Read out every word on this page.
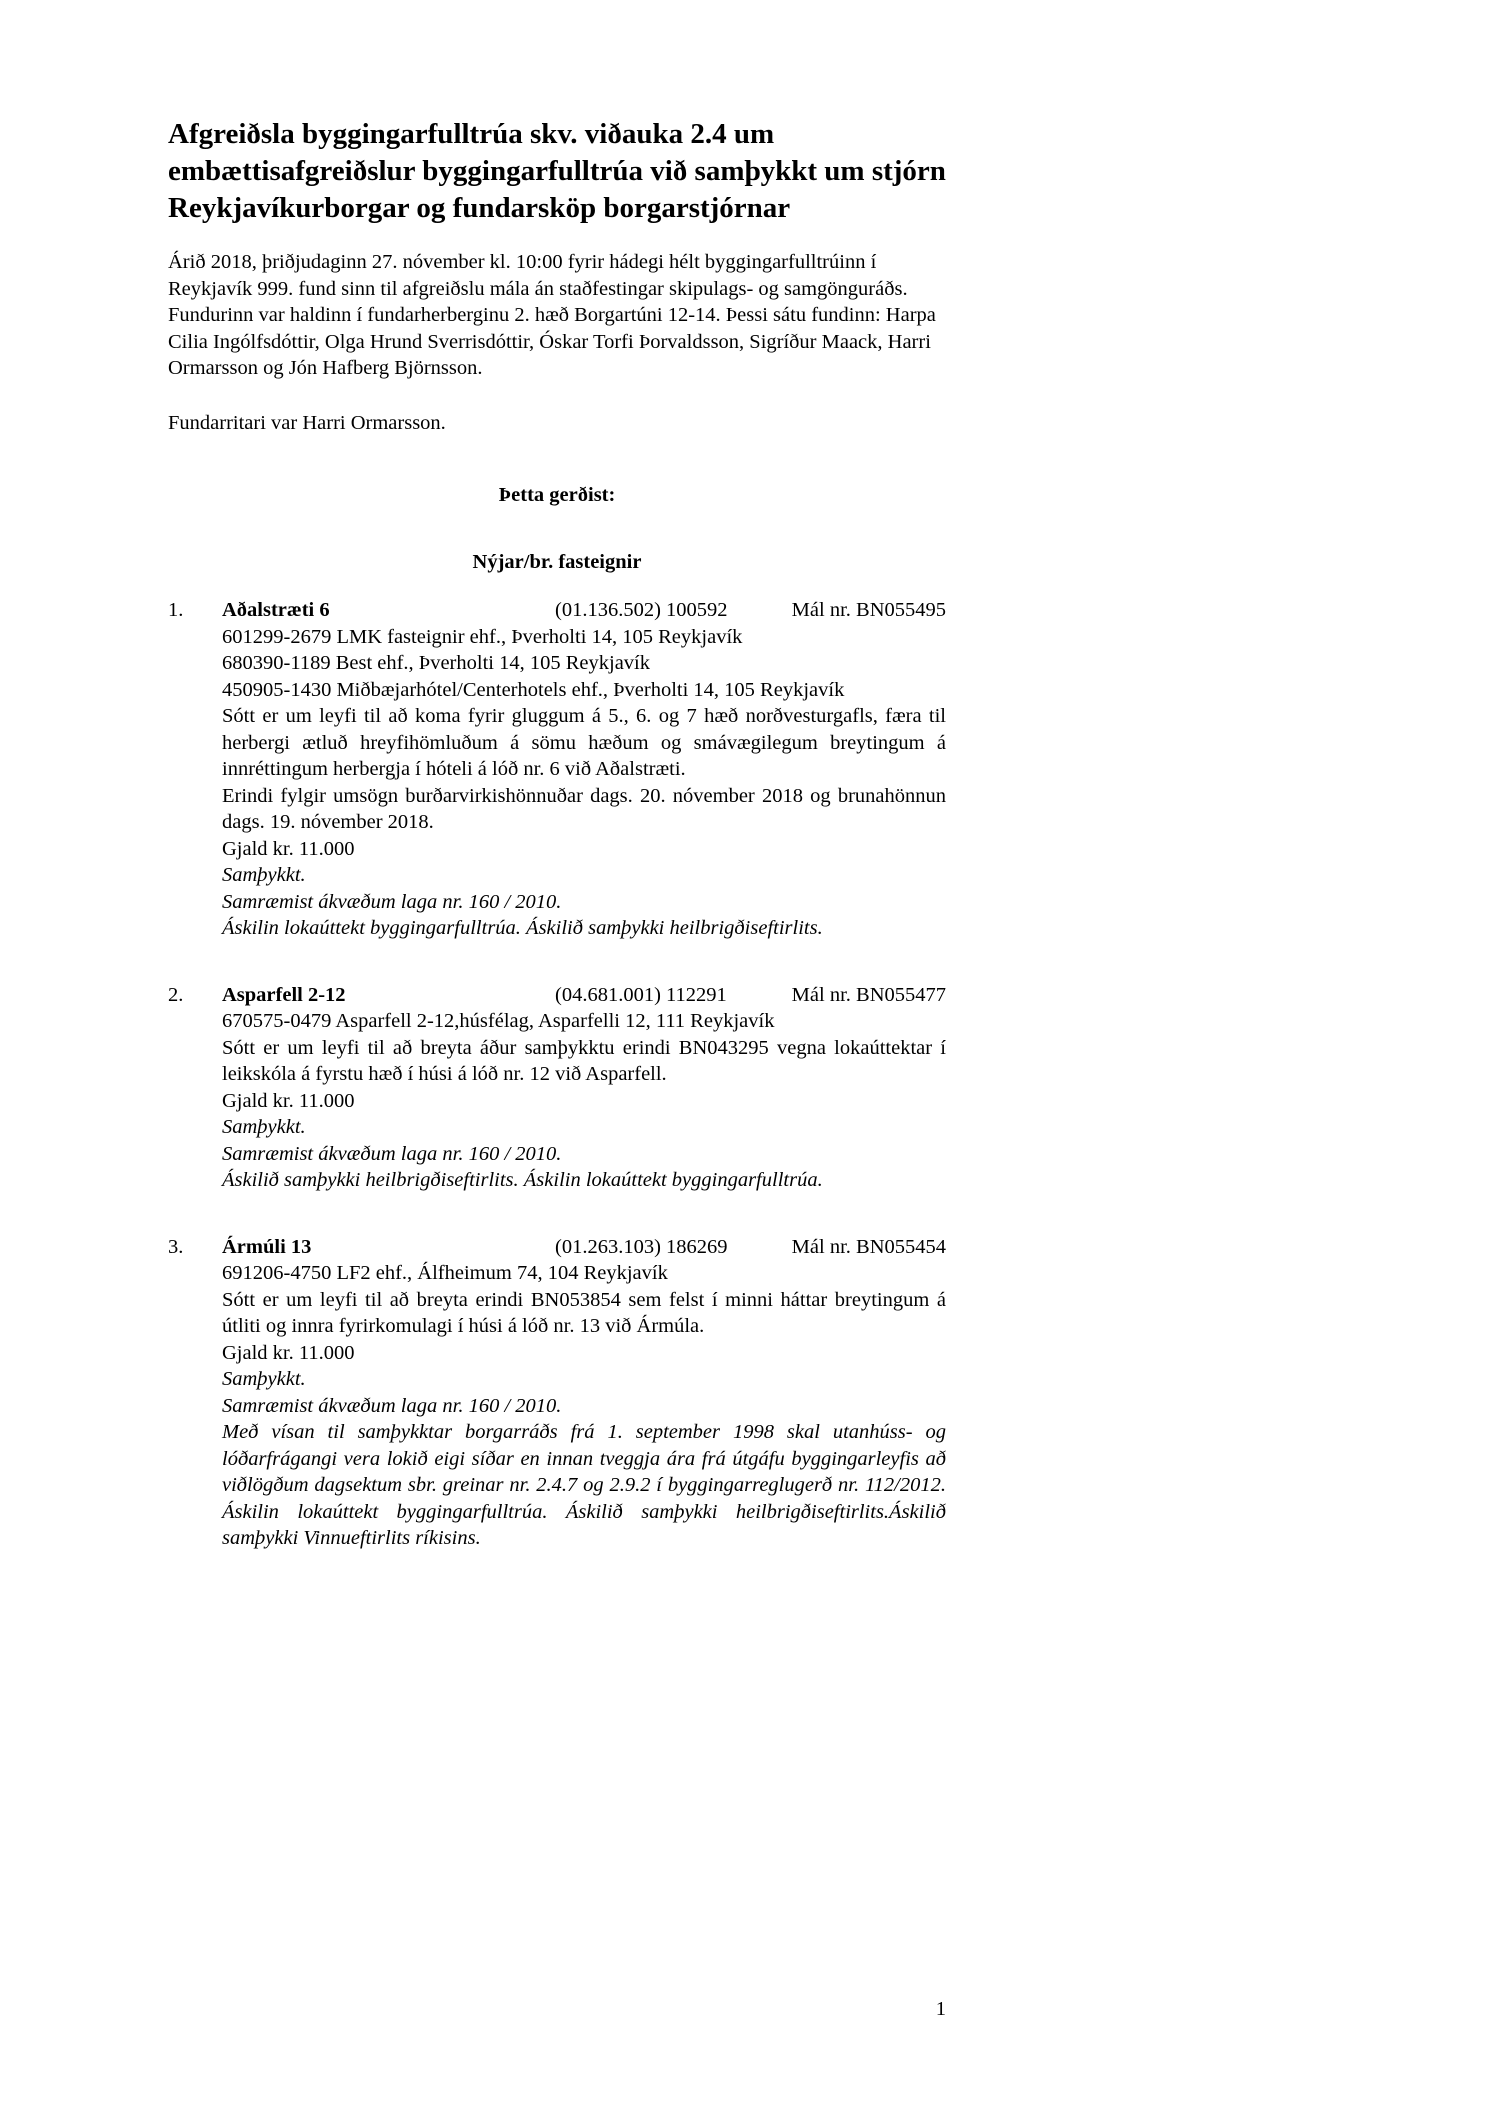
Afgreiðsla byggingarfulltrúa skv. viðauka 2.4 um embættisafgreiðslur byggingarfulltrúa við samþykkt um stjórn Reykjavíkurborgar og fundarsköp borgarstjórnar

Árið 2018, þriðjudaginn 27. nóvember kl. 10:00 fyrir hádegi hélt byggingarfulltrúinn í Reykjavík 999. fund sinn til afgreiðslu mála án staðfestingar skipulags- og samgönguráðs. Fundurinn var haldinn í fundarherberginu 2. hæð Borgartúni 12-14. Þessi sátu fundinn: Harpa Cilia Ingólfsdóttir, Olga Hrund Sverrisdóttir, Óskar Torfi Þorvaldsson, Sigríður Maack, Harri Ormarsson og Jón Hafberg Björnsson.

Fundarritari var Harri Ormarsson.

Þetta gerðist:

Nýjar/br. fasteignir

1.	Aðalstræti 6	(01.136.502) 100592	Mál nr. BN055495

601299-2679 LMK fasteignir ehf., Þverholti 14, 105 Reykjavík

680390-1189 Best ehf., Þverholti 14, 105 Reykjavík

450905-1430 Miðbæjarhótel/Centerhotels ehf., Þverholti 14, 105 Reykjavík

Sótt er um leyfi til að koma fyrir gluggum á 5., 6. og 7 hæð norðvesturgafls, færa til herbergi ætluð hreyfihömluðum á sömu hæðum og smávægilegum breytingum á innréttingum herbergja í hóteli á lóð nr. 6 við Aðalstræti.

Erindi fylgir umsögn burðarvirkishönnuðar dags. 20. nóvember 2018 og brunahönnun dags. 19. nóvember 2018.

Gjald kr. 11.000

Samþykkt.

Samræmist ákvæðum laga nr. 160 / 2010.

Áskilin lokaúttekt byggingarfulltrúa. Áskilið samþykki heilbrigðiseftirlits.

2.	Asparfell 2-12	(04.681.001) 112291	Mál nr. BN055477

670575-0479 Asparfell 2-12,húsfélag, Asparfelli 12, 111 Reykjavík

Sótt er um leyfi til að breyta áður samþykktu erindi BN043295 vegna lokaúttektar í leikskóla á fyrstu hæð í húsi á lóð nr. 12 við Asparfell.

Gjald kr. 11.000

Samþykkt.

Samræmist ákvæðum laga nr. 160 / 2010.

Áskilið samþykki heilbrigðiseftirlits. Áskilin lokaúttekt byggingarfulltrúa.

3.	Ármúli 13	(01.263.103) 186269	Mál nr. BN055454

691206-4750 LF2 ehf., Álfheimum 74, 104 Reykjavík

Sótt er um leyfi til að breyta erindi BN053854 sem felst í minni háttar breytingum á útliti og innra fyrirkomulagi í húsi á lóð nr. 13 við Ármúla.

Gjald kr. 11.000

Samþykkt.

Samræmist ákvæðum laga nr. 160 / 2010.

Með vísan til samþykktar borgarráðs frá 1. september 1998 skal utanhúss- og lóðarfrágangi vera lokið eigi síðar en innan tveggja ára frá útgáfu byggingarleyfis að viðlögðum dagsektum sbr. greinar nr. 2.4.7 og 2.9.2 í byggingarreglugerð nr. 112/2012. Áskilin lokaúttekt byggingarfulltrúa. Áskilið samþykki heilbrigðiseftirlits.Áskilið samþykki Vinnueftirlits ríkisins.

1
